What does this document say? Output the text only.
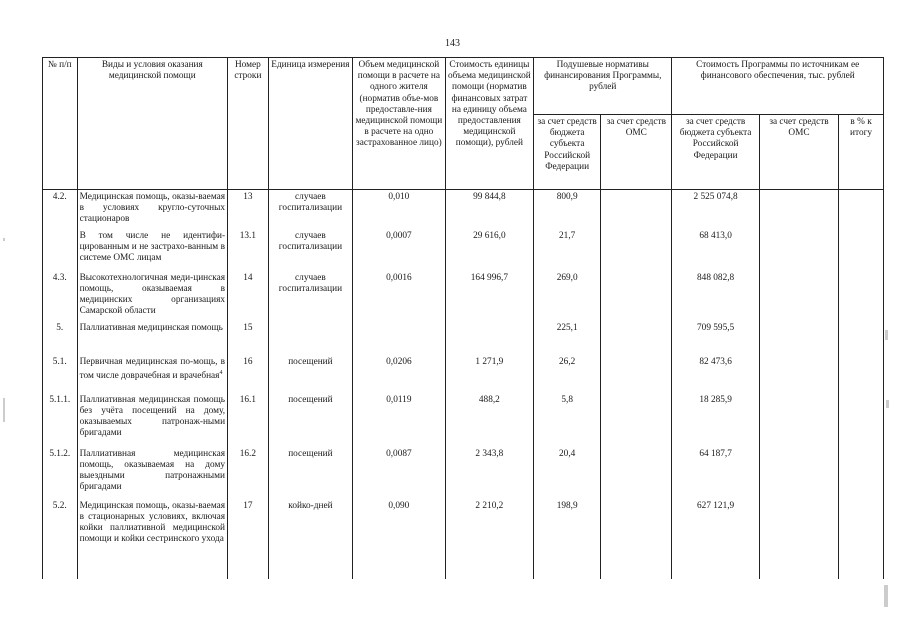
143
№ п/п	Виды и условия оказания медицинской помощи	Номер строки	Единица измерения	Объем медицинской помощи в расчете на одного жителя (норматив объе-мов предоставле-ния медицинской помощи в расчете на одно застрахованное лицо)	Стоимость единицы объема медицинской помощи (норматив финансовых затрат на единицу объема предоставления медицинской помощи), рублей	Подушевые нормативы финансирования Программы, рублей		Стоимость Программы по источникам ее финансового обеспечения, тыс. рублей		
						за счет средств бюджета субъекта Российской Федерации	за счет средств ОМС	за счет средств бюджета субъекта Российской Федерации	за счет средств ОМС	в % к итогу
4.2.	Медицинская помощь, оказы-ваемая в условиях кругло-суточных стационаров	13	случаев госпитализации	0,010	99 844,8	800,9		2 525 074,8		
	В том числе не идентифи-цированным и не застрахо-ванным в системе ОМС лицам	13.1	случаев госпитализации	0,0007	29 616,0	21,7		68 413,0		
4.3.	Высокотехнологичная меди-цинская помощь, оказываемая в медицинских организациях Самарской области	14	случаев госпитализации	0,0016	164 996,7	269,0		848 082,8		
5.	Паллиативная медицинская помощь	15				225,1		709 595,5		
5.1.	Первичная медицинская по-мощь, в том числе доврачебная и врачебная$^4$	16	посещений	0,0206	1 271,9	26,2		82 473,6		
5.1.1.	Паллиативная медицинская помощь без учёта посещений на дому, оказываемых патронаж-ными бригадами	16.1	посещений	0,0119	488,2	5,8		18 285,9		
5.1.2.	Паллиативная медицинская помощь, оказываемая на дому выездными патронажными бригадами	16.2	посещений	0,0087	2 343,8	20,4		64 187,7		
5.2.	Медицинская помощь, оказы-ваемая в стационарных условиях, включая койки паллиативной медицинской помощи и койки сестринского ухода	17	койко-дней	0,090	2 210,2	198,9		627 121,9		
